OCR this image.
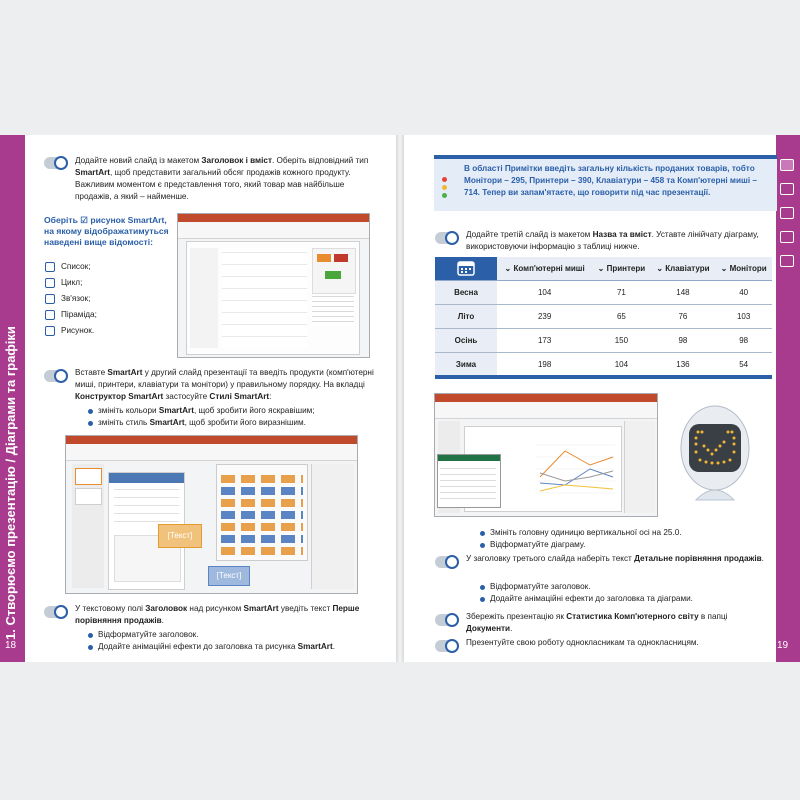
1. Створюємо презентацію / Діаграми та графіки
18
Додайте новий слайд із макетом Заголовок і вміст. Оберіть відповідний тип SmartArt, щоб представити загальний обсяг продажів кожного продукту. Важливим моментом є представлення того, який товар мав найбільше продажів, а який – найменше.
Оберіть ☑ рисунок SmartArt, на якому відображатимуться наведені вище відомості:
Список;
Цикл;
Зв'язок;
Піраміда;
Рисунок.
Вставте SmartArt у другий слайд презентації та введіть продукти (комп'ютерні миші, принтери, клавіатури та монітори) у правильному порядку. На вкладці Конструктор SmartArt застосуйте Стилі SmartArt:
змініть кольори SmartArt, щоб зробити його яскравішим;
змініть стиль SmartArt, щоб зробити його виразнішим.
[Текст]
[Текст]
У текстовому полі Заголовок над рисунком SmartArt уведіть текст Перше порівняння продажів.
Відформатуйте заголовок.
Додайте анімаційні ефекти до заголовка та рисунка SmartArt.	19
В області Примітки введіть загальну кількість проданих товарів, тобто Монітори – 295, Принтери – 390, Клавіатури – 458 та Комп'ютерні миші – 714. Тепер ви запам'ятаєте, що говорити під час презентації.
Додайте третій слайд із макетом Назва та вміст. Уставте лінійчату діаграму, використовуючи інформацію з таблиці нижче.
	⌄ Комп'ютерні миші	⌄ Принтери	⌄ Клавіатури	⌄ Монітори
Весна	104	71	148	40
Літо	239	65	76	103
Осінь	173	150	98	98
Зима	198	104	136	54
Змініть головну одиницю вертикальної осі на 25.0.
Відформатуйте діаграму.
У заголовку третього слайда наберіть текст Детальне порівняння продажів.
Відформатуйте заголовок.
Додайте анімаційні ефекти до заголовка та діаграми.
Збережіть презентацію як Статистика Комп'ютерного світу в папці Документи.
Презентуйте свою роботу однокласникам та однокласницям.
